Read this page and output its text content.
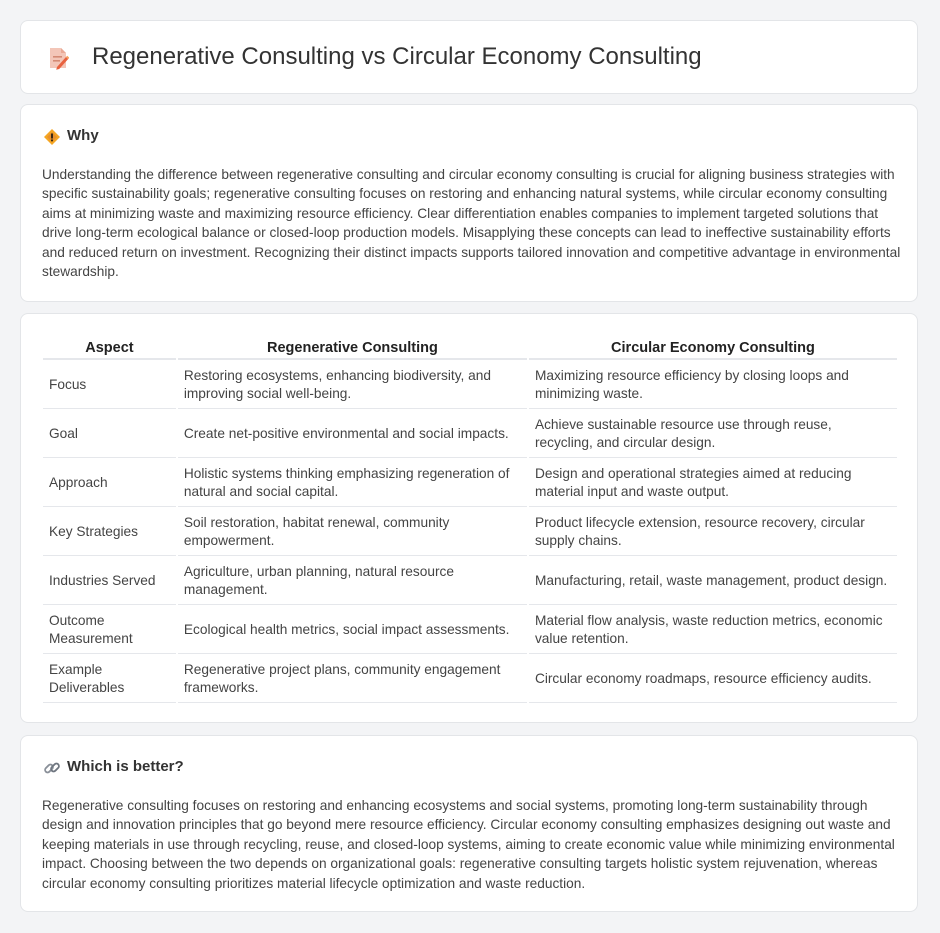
Regenerative Consulting vs Circular Economy Consulting
Why

Understanding the difference between regenerative consulting and circular economy consulting is crucial for aligning business strategies with specific sustainability goals; regenerative consulting focuses on restoring and enhancing natural systems, while circular economy consulting aims at minimizing waste and maximizing resource efficiency. Clear differentiation enables companies to implement targeted solutions that drive long-term ecological balance or closed-loop production models. Misapplying these concepts can lead to ineffective sustainability efforts and reduced return on investment. Recognizing their distinct impacts supports tailored innovation and competitive advantage in environmental stewardship.

Aspect	Regenerative Consulting	Circular Economy Consulting
Focus	Restoring ecosystems, enhancing biodiversity, and improving social well-being.	Maximizing resource efficiency by closing loops and minimizing waste.
Goal	Create net-positive environmental and social impacts.	Achieve sustainable resource use through reuse, recycling, and circular design.
Approach	Holistic systems thinking emphasizing regeneration of natural and social capital.	Design and operational strategies aimed at reducing material input and waste output.
Key Strategies	Soil restoration, habitat renewal, community empowerment.	Product lifecycle extension, resource recovery, circular supply chains.
Industries Served	Agriculture, urban planning, natural resource management.	Manufacturing, retail, waste management, product design.
Outcome Measurement	Ecological health metrics, social impact assessments.	Material flow analysis, waste reduction metrics, economic value retention.
Example Deliverables	Regenerative project plans, community engagement frameworks.	Circular economy roadmaps, resource efficiency audits.
Which is better?

Regenerative consulting focuses on restoring and enhancing ecosystems and social systems, promoting long-term sustainability through design and innovation principles that go beyond mere resource efficiency. Circular economy consulting emphasizes designing out waste and keeping materials in use through recycling, reuse, and closed-loop systems, aiming to create economic value while minimizing environmental impact. Choosing between the two depends on organizational goals: regenerative consulting targets holistic system rejuvenation, whereas circular economy consulting prioritizes material lifecycle optimization and waste reduction.
